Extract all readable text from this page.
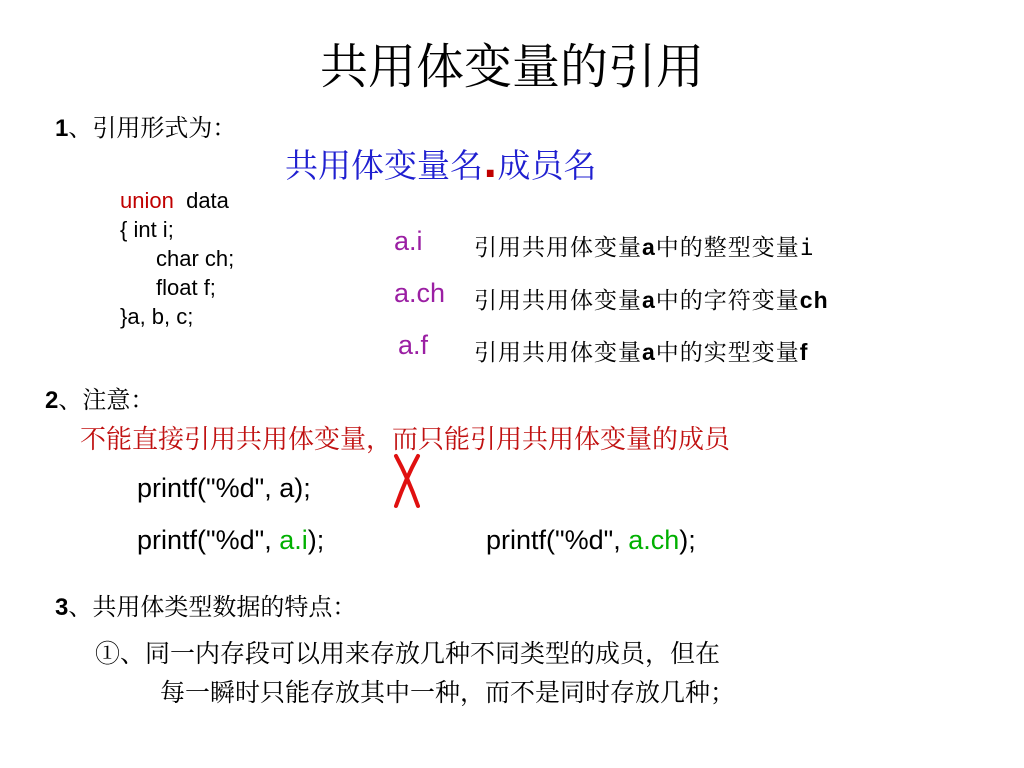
共用体变量的引用
1、引用形式为：
共用体变量名.成员名
union data
{ int i;
char ch;
float f;
}a, b, c;
a.i 引用共用体变量a中的整型变量i
a.ch 引用共用体变量a中的字符变量ch
a.f 引用共用体变量a中的实型变量f
2、注意：
不能直接引用共用体变量，而只能引用共用体变量的成员
printf("%d", a);
printf("%d", a.i);	printf("%d", a.ch);
3、共用体类型数据的特点：
①、同一内存段可以用来存放几种不同类型的成员，但在
每一瞬时只能存放其中一种，而不是同时存放几种；
